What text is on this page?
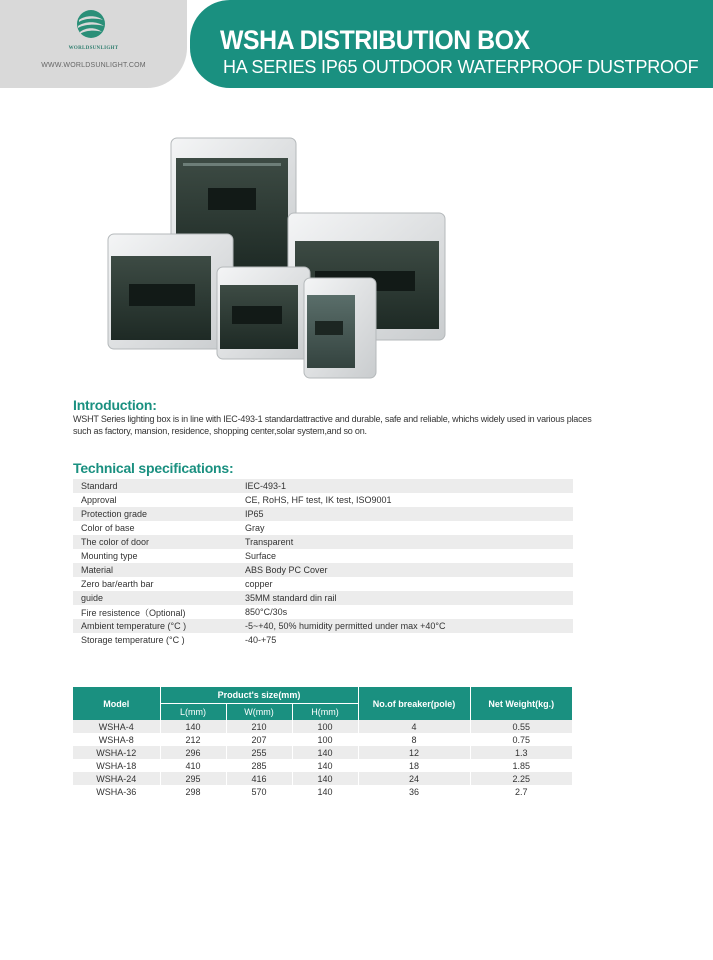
WORLDSUNLIGHT
WWW.WORLDSUNLIGHT.COM
WSHA DISTRIBUTION BOX
HA SERIES IP65 OUTDOOR WATERPROOF DUSTPROOF
Introduction:
WSHT Series lighting box is in line with IEC-493-1 standardattractive and durable, safe and reliable, whichs widely used in various places such as factory, mansion, residence, shopping center,solar system,and so on.
Technical specifications:
Standard	IEC-493-1
Approval	CE, RoHS, HF test, IK test, ISO9001
Protection grade	IP65
Color of base	Gray
The color of door	Transparent
Mounting type	Surface
Material	ABS Body PC Cover
Zero bar/earth bar	copper
guide	35MM standard din rail
Fire resistence（Optional)	850°C/30s
Ambient temperature (°C )	-5~+40, 50% humidity permitted under max +40°C
Storage temperature (°C )	-40-+75
Model	Product's size(mm)			No.of breaker(pole)	Net Weight(kg.)
	L(mm)	W(mm)	H(mm)		
WSHA-4	140	210	100	4	0.55
WSHA-8	212	207	100	8	0.75
WSHA-12	296	255	140	12	1.3
WSHA-18	410	285	140	18	1.85
WSHA-24	295	416	140	24	2.25
WSHA-36	298	570	140	36	2.7
